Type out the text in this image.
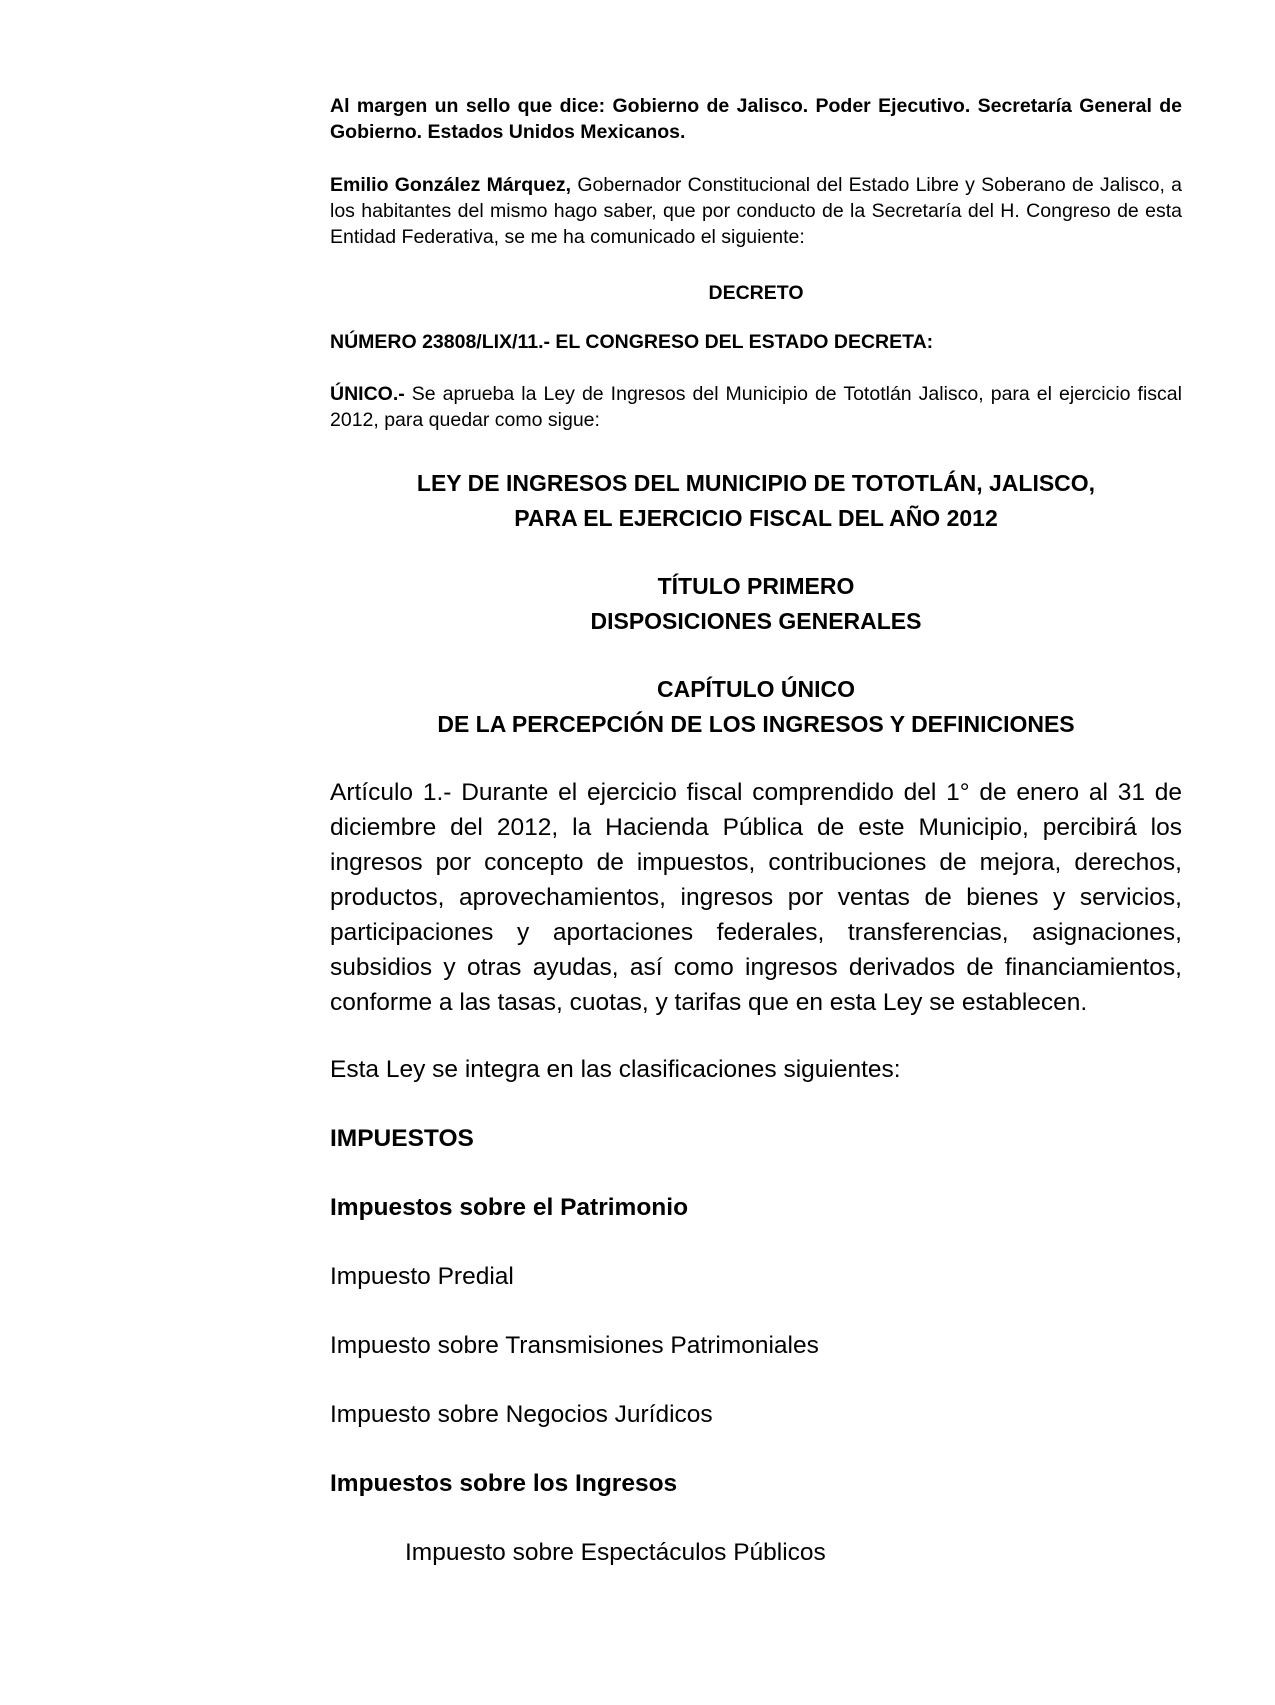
Al margen un sello que dice: Gobierno de Jalisco. Poder Ejecutivo. Secretaría General de Gobierno. Estados Unidos Mexicanos.

Emilio González Márquez, Gobernador Constitucional del Estado Libre y Soberano de Jalisco, a los habitantes del mismo hago saber, que por conducto de la Secretaría del H. Congreso de esta Entidad Federativa, se me ha comunicado el siguiente:

DECRETO

NÚMERO 23808/LIX/11.- EL CONGRESO DEL ESTADO DECRETA:

ÚNICO.- Se aprueba la Ley de Ingresos del Municipio de Tototlán Jalisco, para el ejercicio fiscal 2012, para quedar como sigue:

LEY DE INGRESOS DEL MUNICIPIO DE TOTOTLÁN, JALISCO,

PARA EL EJERCICIO FISCAL DEL AÑO 2012

TÍTULO PRIMERO

DISPOSICIONES GENERALES

CAPÍTULO ÚNICO

DE LA PERCEPCIÓN DE LOS INGRESOS Y DEFINICIONES

Artículo 1.- Durante el ejercicio fiscal comprendido del 1° de enero al 31 de diciembre del 2012, la Hacienda Pública de este Municipio, percibirá los ingresos por concepto de impuestos, contribuciones de mejora, derechos, productos, aprovechamientos, ingresos por ventas de bienes y servicios, participaciones y aportaciones federales, transferencias, asignaciones, subsidios y otras ayudas, así como ingresos derivados de financiamientos, conforme a las tasas, cuotas, y tarifas que en esta Ley se establecen.

Esta Ley se integra en las clasificaciones siguientes:

IMPUESTOS

Impuestos sobre el Patrimonio

Impuesto Predial

Impuesto sobre Transmisiones Patrimoniales

Impuesto sobre Negocios Jurídicos

Impuestos sobre los Ingresos

Impuesto sobre Espectáculos Públicos
